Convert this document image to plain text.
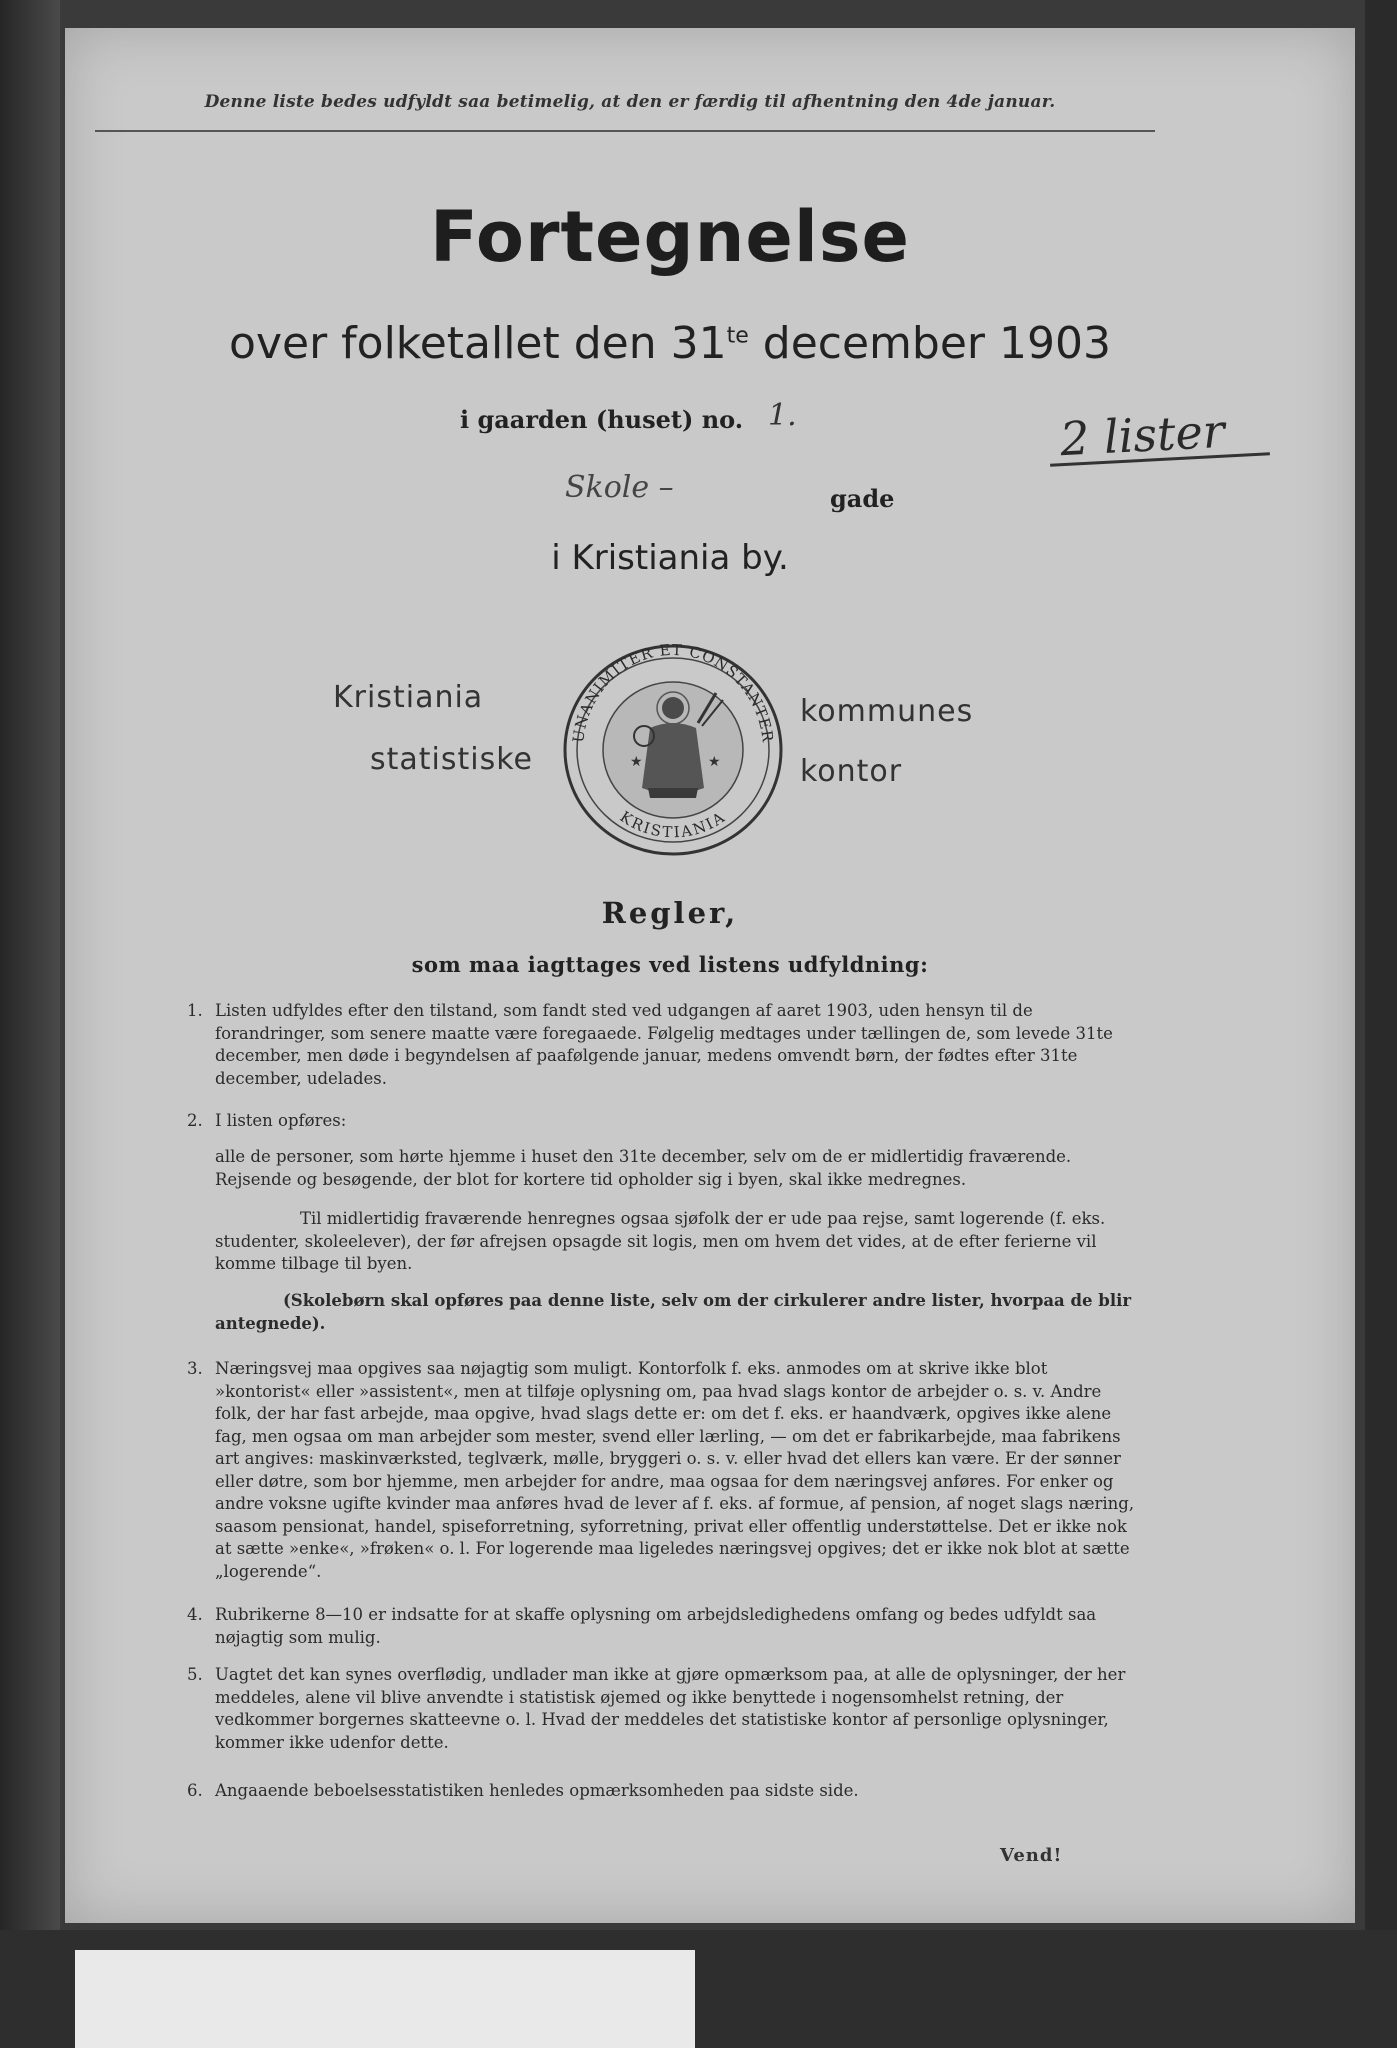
Denne liste bedes udfyldt saa betimelig, at den er færdig til afhentning den 4de januar.
Fortegnelse
over folketallet den $31^{te}$ december 1903
i gaarden (huset) no. 1.	2 lister
Skole –	gade
i Kristiania by.
Kristiania
statistiske
kommunes
kontor
UNANIMITER ET CONSTANTER
KRISTIANIA
★	★
Regler,
som maa iagttages ved listens udfyldning:
1. Listen udfyldes efter den tilstand, som fandt sted ved udgangen af aaret 1903, uden hensyn til de forandringer, som senere maatte være foregaaede. Følgelig medtages under tællingen de, som levede 31te december, men døde i begyndelsen af paafølgende januar, medens omvendt børn, der fødtes efter 31te december, udelades.
2. I listen opføres:
alle de personer, som hørte hjemme i huset den 31te december, selv om de er midlertidig fraværende. Rejsende og besøgende, der blot for kortere tid opholder sig i byen, skal ikke medregnes.
Til midlertidig fraværende henregnes ogsaa sjøfolk der er ude paa rejse, samt logerende (f. eks. studenter, skoleelever), der før afrejsen opsagde sit logis, men om hvem det vides, at de efter ferierne vil komme tilbage til byen.
(Skolebørn skal opføres paa denne liste, selv om der cirkulerer andre lister, hvorpaa de blir antegnede).
3. Næringsvej maa opgives saa nøjagtig som muligt. Kontorfolk f. eks. anmodes om at skrive ikke blot »kontorist« eller »assistent«, men at tilføje oplysning om, paa hvad slags kontor de arbejder o. s. v. Andre folk, der har fast arbejde, maa opgive, hvad slags dette er: om det f. eks. er haandværk, opgives ikke alene fag, men ogsaa om man arbejder som mester, svend eller lærling, — om det er fabrikarbejde, maa fabrikens art angives: maskinværksted, teglværk, mølle, bryggeri o. s. v. eller hvad det ellers kan være. Er der sønner eller døtre, som bor hjemme, men arbejder for andre, maa ogsaa for dem næringsvej anføres. For enker og andre voksne ugifte kvinder maa anføres hvad de lever af f. eks. af formue, af pension, af noget slags næring, saasom pensionat, handel, spiseforretning, syforretning, privat eller offentlig understøttelse. Det er ikke nok at sætte »enke«, »frøken« o. l. For logerende maa ligeledes næringsvej opgives; det er ikke nok blot at sætte „logerende“.
4. Rubrikerne 8—10 er indsatte for at skaffe oplysning om arbejdsledighedens omfang og bedes udfyldt saa nøjagtig som mulig.
5. Uagtet det kan synes overflødig, undlader man ikke at gjøre opmærksom paa, at alle de oplysninger, der her meddeles, alene vil blive anvendte i statistisk øjemed og ikke benyttede i nogensomhelst retning, der vedkommer borgernes skatteevne o. l. Hvad der meddeles det statistiske kontor af personlige oplysninger, kommer ikke udenfor dette.
6. Angaaende beboelsesstatistiken henledes opmærksomheden paa sidste side.
Vend!
